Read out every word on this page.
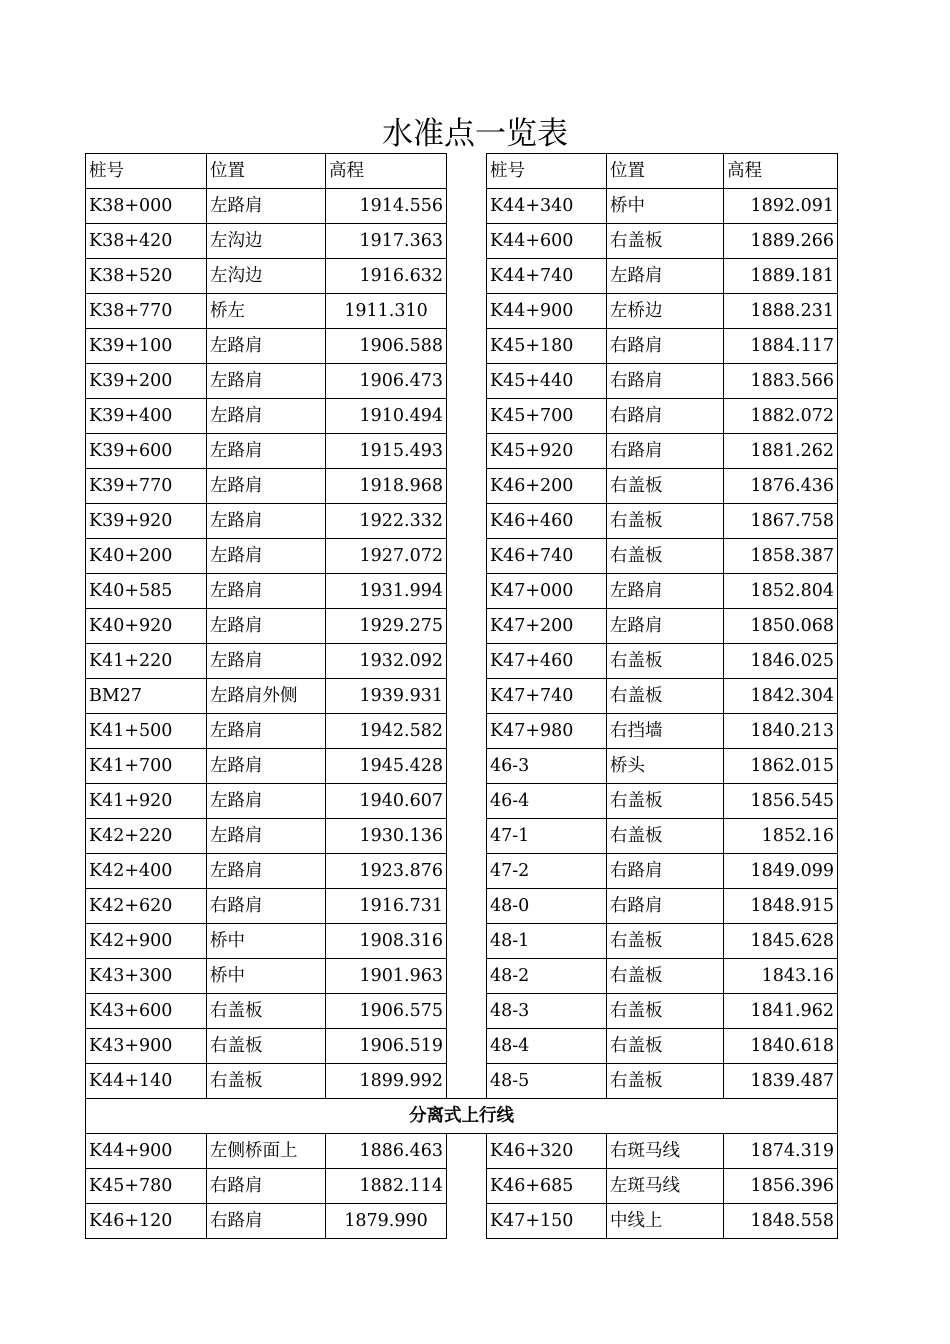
水准点一览表
桩号	位置	高程		桩号	位置	高程
K38+000	左路肩	1914.556		K44+340	桥中	1892.091
K38+420	左沟边	1917.363		K44+600	右盖板	1889.266
K38+520	左沟边	1916.632		K44+740	左路肩	1889.181
K38+770	桥左	1911.310		K44+900	左桥边	1888.231
K39+100	左路肩	1906.588		K45+180	右路肩	1884.117
K39+200	左路肩	1906.473		K45+440	右路肩	1883.566
K39+400	左路肩	1910.494		K45+700	右路肩	1882.072
K39+600	左路肩	1915.493		K45+920	右路肩	1881.262
K39+770	左路肩	1918.968		K46+200	右盖板	1876.436
K39+920	左路肩	1922.332		K46+460	右盖板	1867.758
K40+200	左路肩	1927.072		K46+740	右盖板	1858.387
K40+585	左路肩	1931.994		K47+000	左路肩	1852.804
K40+920	左路肩	1929.275		K47+200	左路肩	1850.068
K41+220	左路肩	1932.092		K47+460	右盖板	1846.025
BM27	左路肩外侧	1939.931		K47+740	右盖板	1842.304
K41+500	左路肩	1942.582		K47+980	右挡墙	1840.213
K41+700	左路肩	1945.428		46-3	桥头	1862.015
K41+920	左路肩	1940.607		46-4	右盖板	1856.545
K42+220	左路肩	1930.136		47-1	右盖板	1852.16
K42+400	左路肩	1923.876		47-2	右路肩	1849.099
K42+620	右路肩	1916.731		48-0	右路肩	1848.915
K42+900	桥中	1908.316		48-1	右盖板	1845.628
K43+300	桥中	1901.963		48-2	右盖板	1843.16
K43+600	右盖板	1906.575		48-3	右盖板	1841.962
K43+900	右盖板	1906.519		48-4	右盖板	1840.618
K44+140	右盖板	1899.992		48-5	右盖板	1839.487
分离式上行线						
K44+900	左侧桥面上	1886.463		K46+320	右斑马线	1874.319
K45+780	右路肩	1882.114		K46+685	左斑马线	1856.396
K46+120	右路肩	1879.990		K47+150	中线上	1848.558
